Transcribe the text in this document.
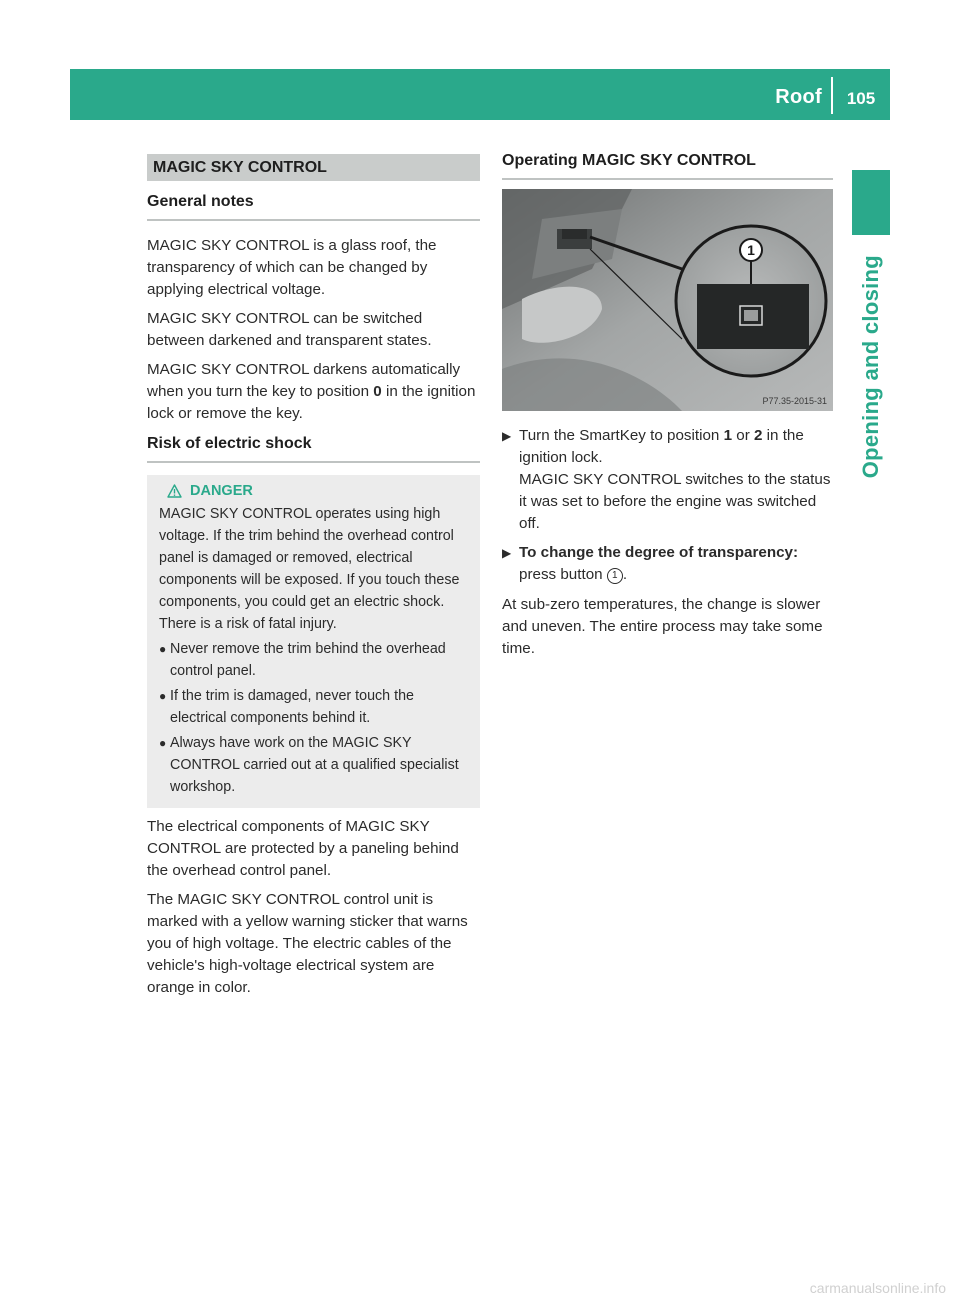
Roof	105
Opening and closing
MAGIC SKY CONTROL
General notes

MAGIC SKY CONTROL is a glass roof, the transparency of which can be changed by applying electrical voltage.

MAGIC SKY CONTROL can be switched between darkened and transparent states.

MAGIC SKY CONTROL darkens automatically when you turn the key to position 0 in the ignition lock or remove the key.

Risk of electric shock
DANGER

MAGIC SKY CONTROL operates using high voltage. If the trim behind the overhead control panel is damaged or removed, electrical components will be exposed. If you touch these components, you could get an electric shock. There is a risk of fatal injury.

● Never remove the trim behind the overhead control panel.

● If the trim is damaged, never touch the electrical components behind it.

● Always have work on the MAGIC SKY CONTROL carried out at a qualified specialist workshop.

The electrical components of MAGIC SKY CONTROL are protected by a paneling behind the overhead control panel.

The MAGIC SKY CONTROL control unit is marked with a yellow warning sticker that warns you of high voltage. The electric cables of the vehicle's high-voltage electrical system are orange in color.

Operating MAGIC SKY CONTROL
1
P77.35-2015-31
▶ Turn the SmartKey to position 1 or 2 in the ignition lock.

MAGIC SKY CONTROL switches to the status it was set to before the engine was switched off.

▶ To change the degree of transparency:

press button 1 .

At sub-zero temperatures, the change is slower and uneven. The entire process may take some time.

carmanualsonline.info
